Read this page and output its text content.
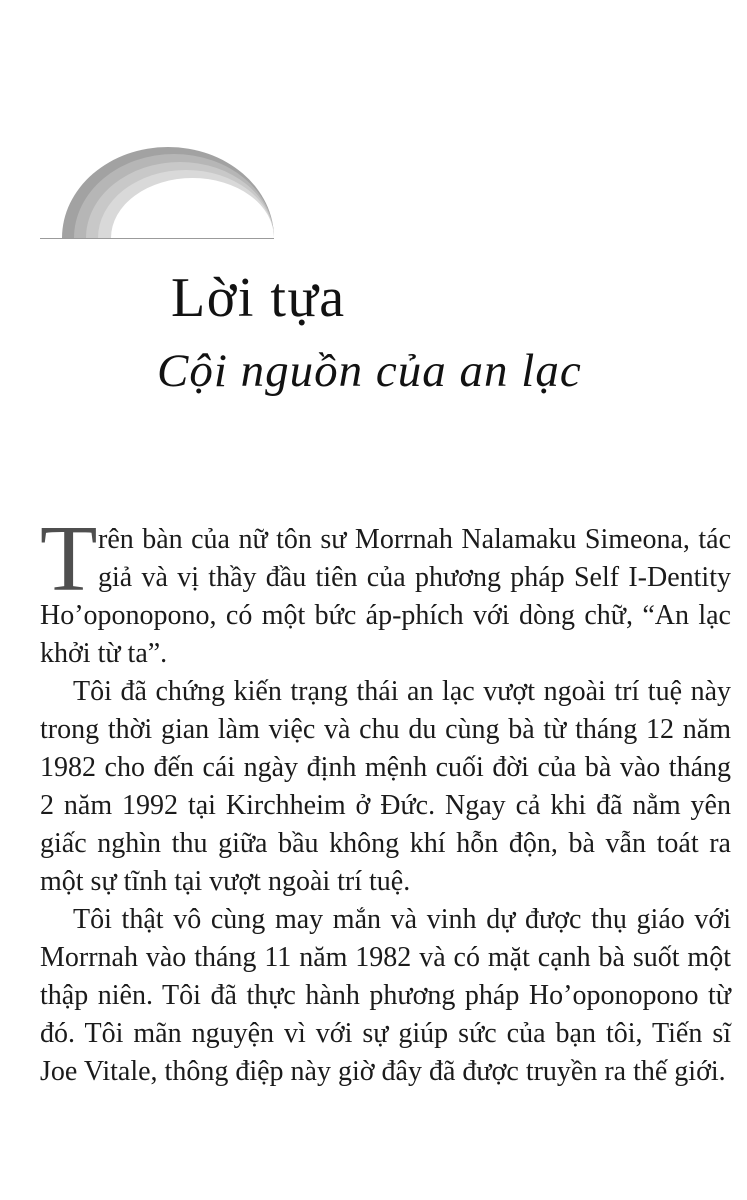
Lời tựa
Cội nguồn của an lạc

Trên bàn của nữ tôn sư Morrnah Nalamaku Simeona, tác giả và vị thầy đầu tiên của phương pháp Self I-Dentity Ho’oponopono, có một bức áp-phích với dòng chữ, “An lạc khởi từ ta”.

Tôi đã chứng kiến trạng thái an lạc vượt ngoài trí tuệ này trong thời gian làm việc và chu du cùng bà từ tháng 12 năm 1982 cho đến cái ngày định mệnh cuối đời của bà vào tháng 2 năm 1992 tại Kirchheim ở Đức. Ngay cả khi đã nằm yên giấc nghìn thu giữa bầu không khí hỗn độn, bà vẫn toát ra một sự tĩnh tại vượt ngoài trí tuệ.

Tôi thật vô cùng may mắn và vinh dự được thụ giáo với Morrnah vào tháng 11 năm 1982 và có mặt cạnh bà suốt một thập niên. Tôi đã thực hành phương pháp Ho’oponopono từ đó. Tôi mãn nguyện vì với sự giúp sức của bạn tôi, Tiến sĩ Joe Vitale, thông điệp này giờ đây đã được truyền ra thế giới.
